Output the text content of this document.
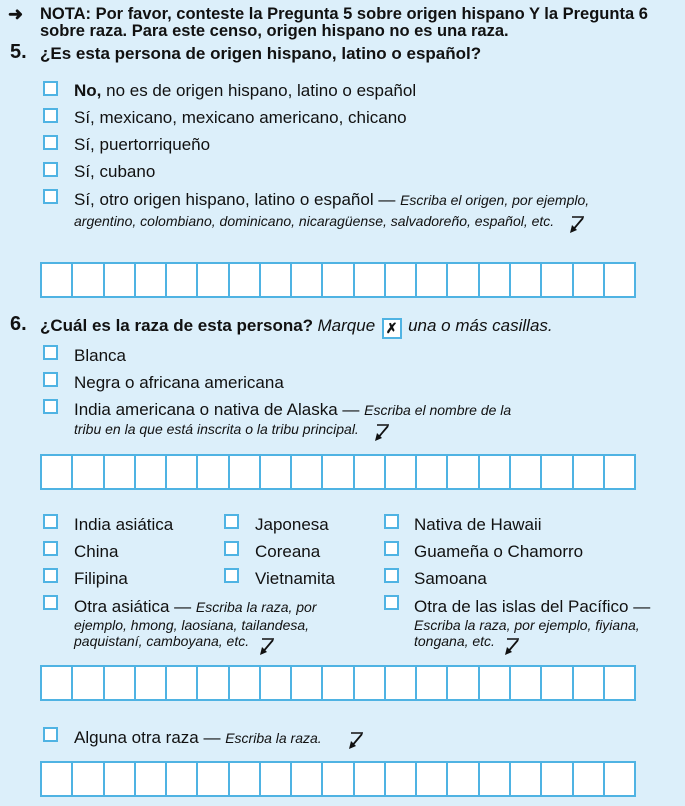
➜ NOTA: Por favor, conteste la Pregunta 5 sobre origen hispano Y la Pregunta 6 sobre raza. Para este censo, origen hispano no es una raza.
5. ¿Es esta persona de origen hispano, latino o español?
No, no es de origen hispano, latino o español
Sí, mexicano, mexicano americano, chicano
Sí, puertorriqueño
Sí, cubano
Sí, otro origen hispano, latino o español — Escriba el origen, por ejemplo,
argentino, colombiano, dominicano, nicaragüense, salvadoreño, español, etc.
6. ¿Cuál es la raza de esta persona? Marque ✗ una o más casillas.
Blanca
Negra o africana americana
India americana o nativa de Alaska — Escriba el nombre de la
tribu en la que está inscrita o la tribu principal.
India asiática
China
Filipina
Otra asiática — Escriba la raza, por
ejemplo, hmong, laosiana, tailandesa,
paquistaní, camboyana, etc.
Japonesa
Coreana
Vietnamita
Nativa de Hawaii
Guameña o Chamorro
Samoana
Otra de las islas del Pacífico —
Escriba la raza, por ejemplo, fiyiana,
tongana, etc.
Alguna otra raza — Escriba la raza.
